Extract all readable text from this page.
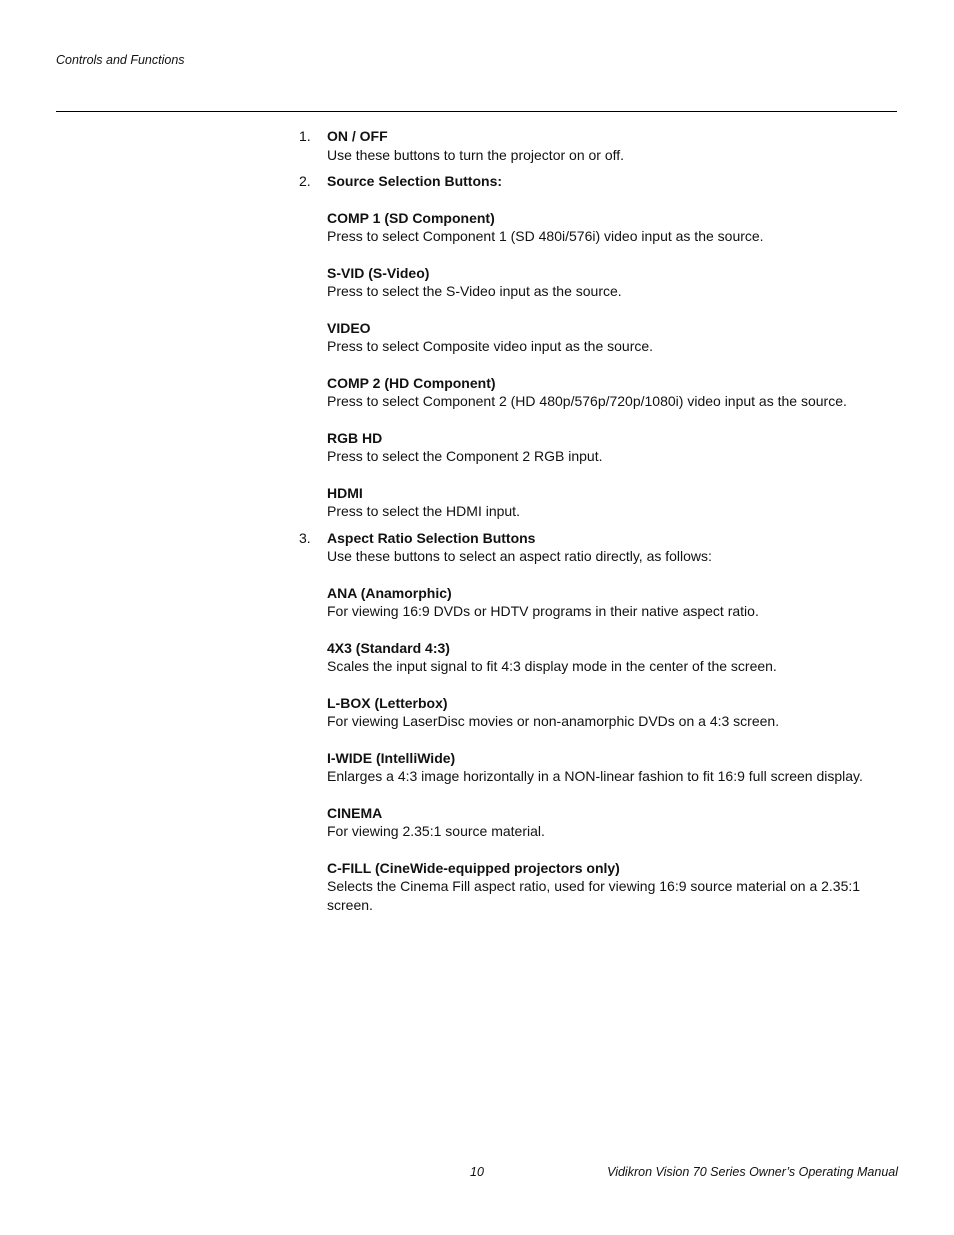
Controls and Functions
1. ON / OFF
Use these buttons to turn the projector on or off.
2. Source Selection Buttons:
COMP 1 (SD Component)
Press to select Component 1 (SD 480i/576i) video input as the source.
S-VID (S-Video)
Press to select the S-Video input as the source.
VIDEO
Press to select Composite video input as the source.
COMP 2 (HD Component)
Press to select Component 2 (HD 480p/576p/720p/1080i) video input as the source.
RGB HD
Press to select the Component 2 RGB input.
HDMI
Press to select the HDMI input.
3. Aspect Ratio Selection Buttons
Use these buttons to select an aspect ratio directly, as follows:
ANA (Anamorphic)
For viewing 16:9 DVDs or HDTV programs in their native aspect ratio.
4X3 (Standard 4:3)
Scales the input signal to fit 4:3 display mode in the center of the screen.
L-BOX (Letterbox)
For viewing LaserDisc movies or non-anamorphic DVDs on a 4:3 screen.
I-WIDE (IntelliWide)
Enlarges a 4:3 image horizontally in a NON-linear fashion to fit 16:9 full screen display.
CINEMA
For viewing 2.35:1 source material.
C-FILL (CineWide-equipped projectors only)
Selects the Cinema Fill aspect ratio, used for viewing 16:9 source material on a 2.35:1 screen.
10	Vidikron Vision 70 Series Owner’s Operating Manual
